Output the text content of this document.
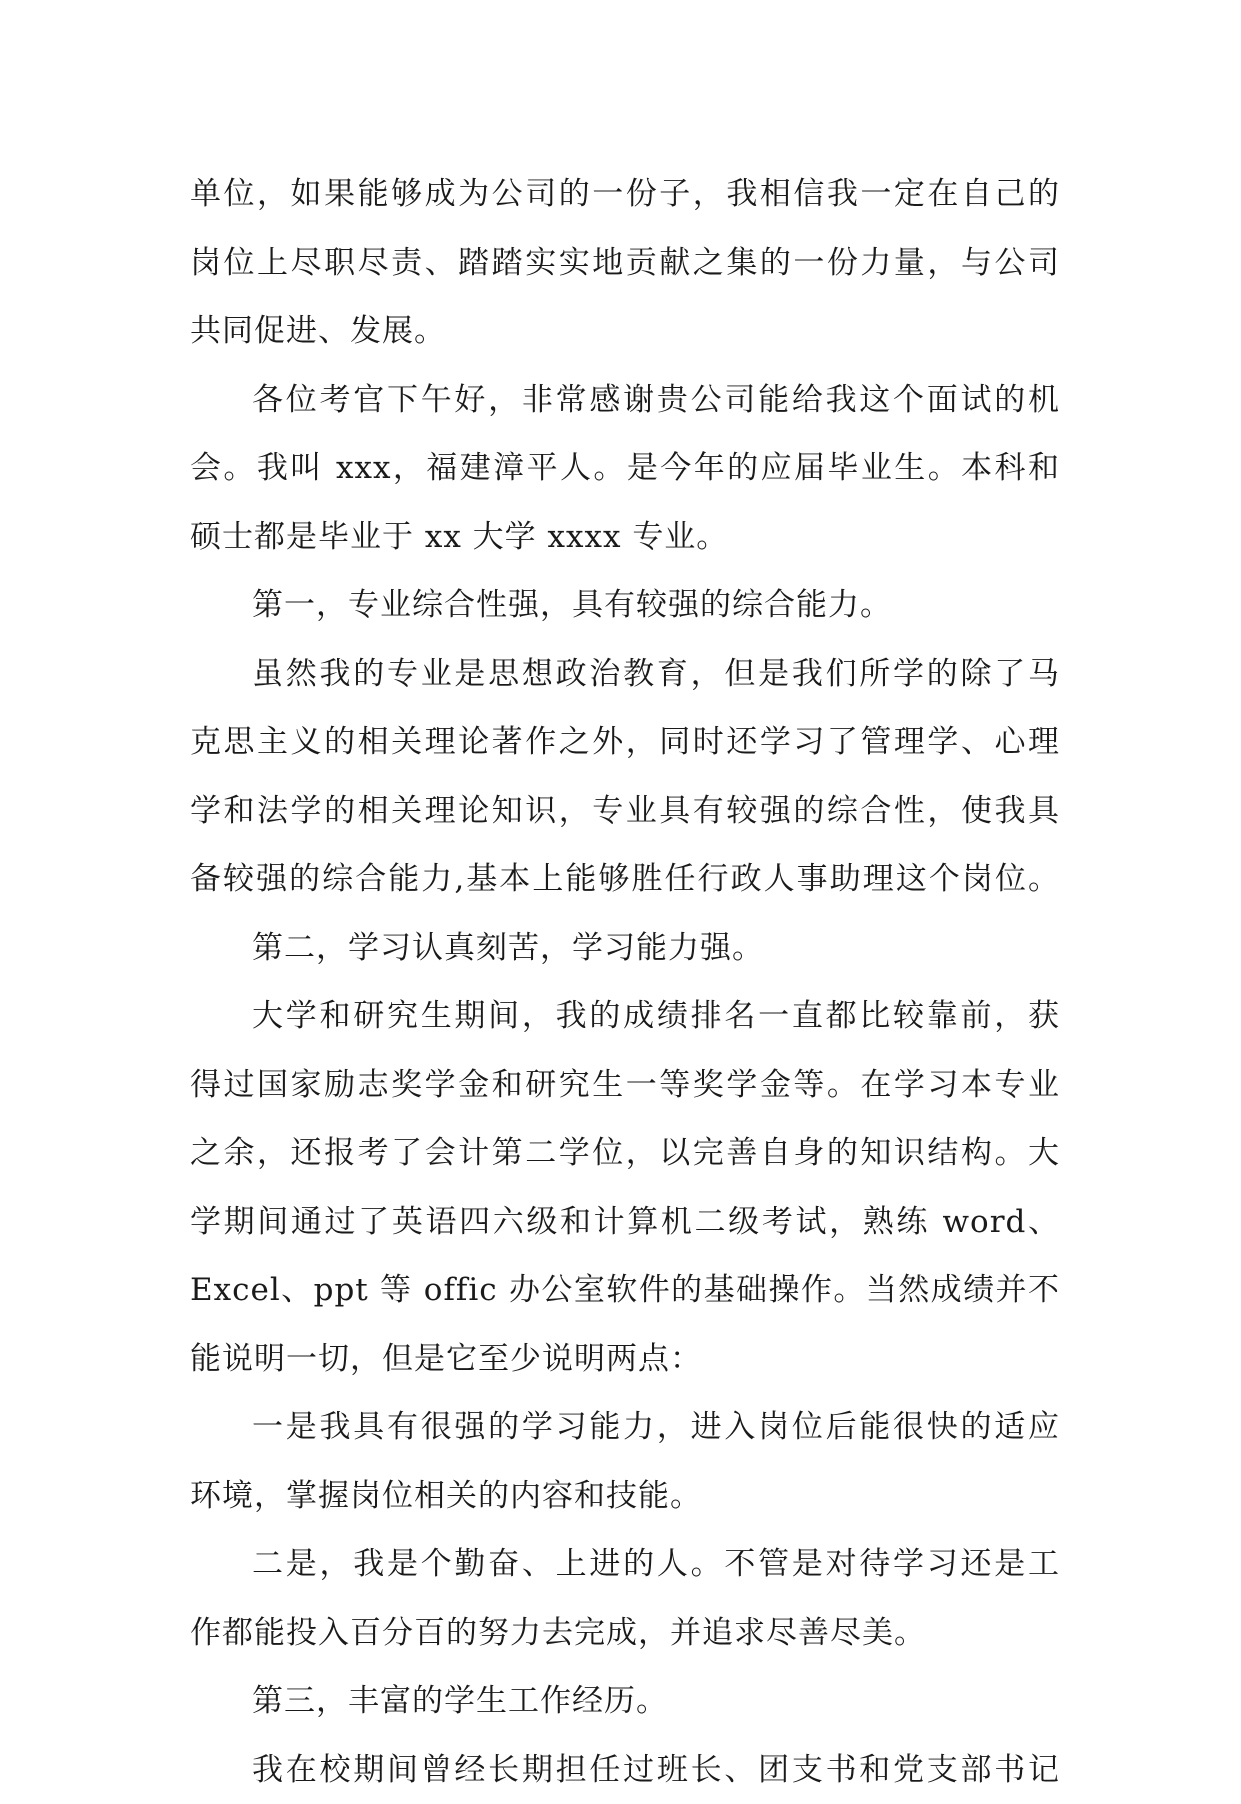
单位，如果能够成为公司的一份子，我相信我一定在自己的
岗位上尽职尽责、踏踏实实地贡献之集的一份力量，与公司
共同促进、发展。
各位考官下午好，非常感谢贵公司能给我这个面试的机
会。我叫 xxx，福建漳平人。是今年的应届毕业生。本科和
硕士都是毕业于 xx 大学 xxxx 专业。
第一，专业综合性强，具有较强的综合能力。
虽然我的专业是思想政治教育，但是我们所学的除了马
克思主义的相关理论著作之外，同时还学习了管理学、心理
学和法学的相关理论知识，专业具有较强的综合性，使我具
备较强的综合能力,基本上能够胜任行政人事助理这个岗位。
第二，学习认真刻苦，学习能力强。
大学和研究生期间，我的成绩排名一直都比较靠前，获
得过国家励志奖学金和研究生一等奖学金等。在学习本专业
之余，还报考了会计第二学位，以完善自身的知识结构。大
学期间通过了英语四六级和计算机二级考试，熟练 word、
Excel、ppt 等 offic 办公室软件的基础操作。当然成绩并不
能说明一切，但是它至少说明两点：
一是我具有很强的学习能力，进入岗位后能很快的适应
环境，掌握岗位相关的内容和技能。
二是，我是个勤奋、上进的人。不管是对待学习还是工
作都能投入百分百的努力去完成，并追求尽善尽美。
第三，丰富的学生工作经历。
我在校期间曾经长期担任过班长、团支书和党支部书记
